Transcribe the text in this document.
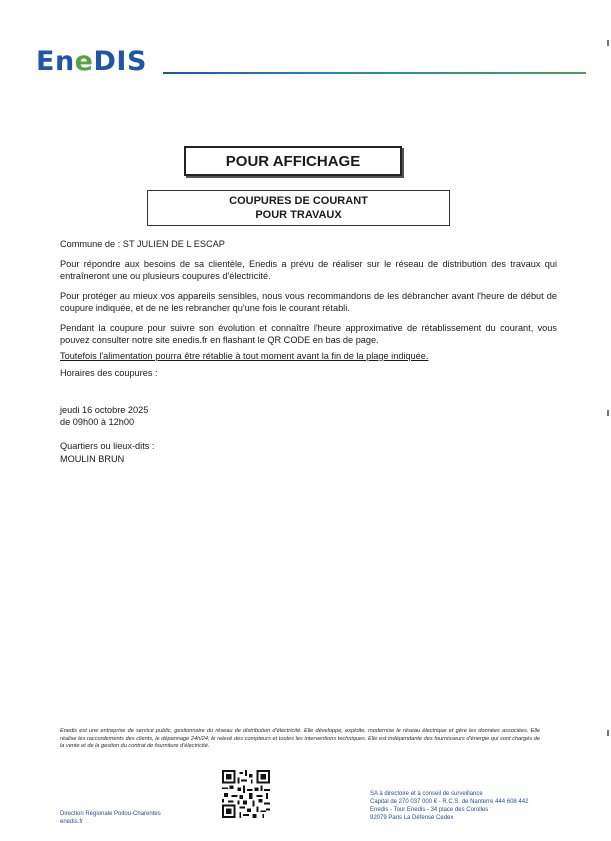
EneDIS
POUR AFFICHAGE
COUPURES DE COURANT
POUR TRAVAUX
Commune de : ST JULIEN DE L ESCAP
Pour répondre aux besoins de sa clientèle, Enedis a prévu de réaliser sur le réseau de distribution des travaux qui entraîneront une ou plusieurs coupures d'électricité.
Pour protéger au mieux vos appareils sensibles, nous vous recommandons de les débrancher avant l'heure de début de coupure indiquée, et de ne les rebrancher qu'une fois le courant rétabli.
Pendant la coupure pour suivre son évolution et connaître l'heure approximative de rétablissement du courant, vous pouvez consulter notre site enedis.fr en flashant le QR CODE en bas de page.
Toutefois l'alimentation pourra être rétablie à tout moment avant la fin de la plage indiquée.
Horaires des coupures :
jeudi 16 octobre 2025
de 09h00 à 12h00
Quartiers ou lieux-dits :
MOULIN BRUN
Enedis est une entreprise de service public, gestionnaire du réseau de distribution d'électricité. Elle développe, exploite, modernise le réseau électrique et gère les données associées. Elle réalise les raccordements des clients, le dépannage 24h/24, le relevé des compteurs et toutes les interventions techniques. Elle est indépendante des fournisseurs d'énergie qui sont chargés de la vente et de la gestion du contrat de fourniture d'électricité.
Direction Régionale Poitou-Charentes
enedis.fr
SA à directoire et à conseil de surveillance
Capital de 270 037 000 € - R.C.S. de Nanterre 444 608 442
Enedis - Tour Enedis - 34 place des Corolles
92079 Paris La Défense Cedex
